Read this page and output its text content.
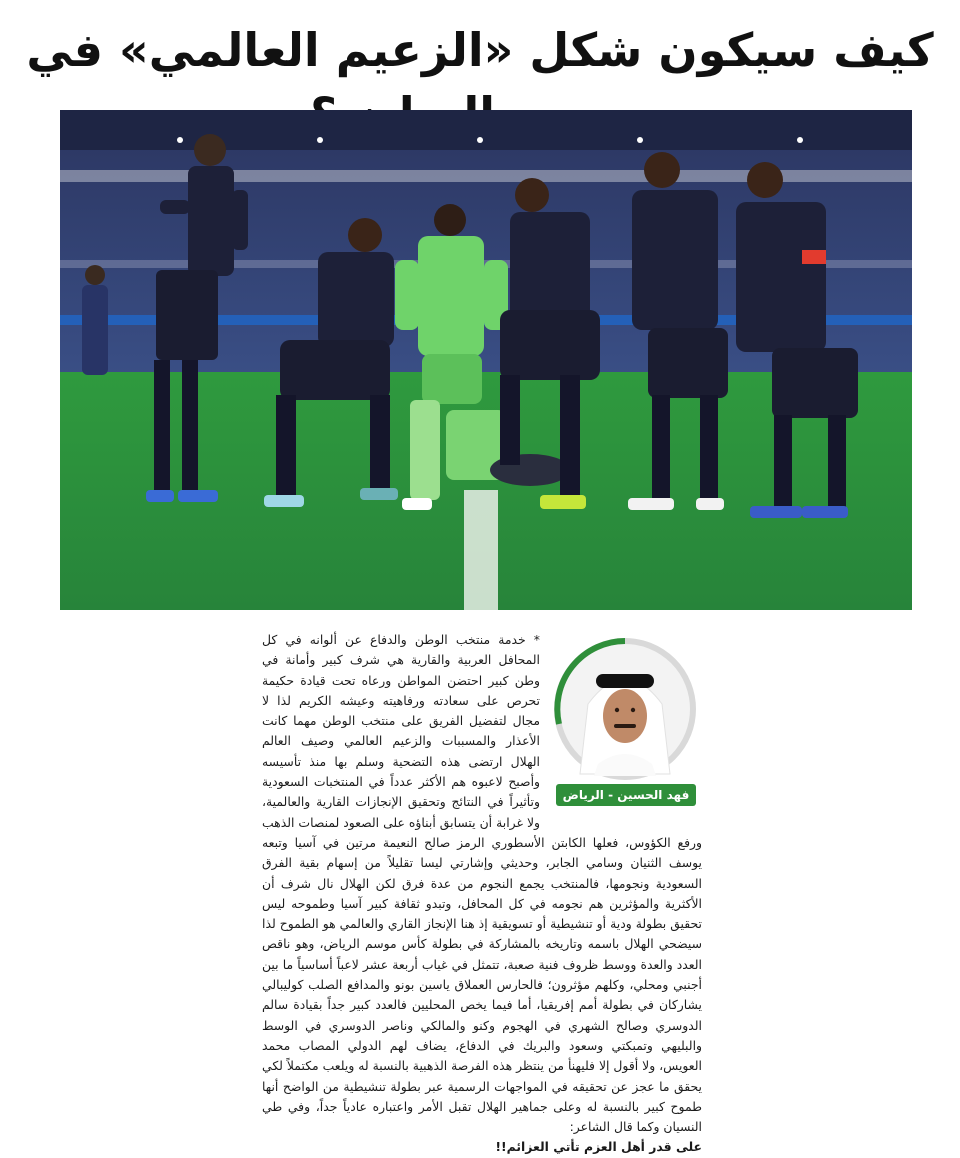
كيف سيكون شكل «الزعيم العالمي» في
فهد الحسين - الرياض

* خدمة منتخب الوطن والدفاع عن ألوانه في كل المحافل العربية والقارية هي شرف كبير وأمانة في وطن كبير احتضن المواطن ورعاه تحت قيادة حكيمة تحرص على سعادته ورفاهيته وعيشه الكريم لذا لا مجال لتفضيل الفريق على منتخب الوطن مهما كانت الأعذار والمسببات والزعيم العالمي وصيف العالم الهلال ارتضى هذه التضحية وسلم بها منذ تأسيسه وأصبح لاعبوه هم الأكثر عدداً في المنتخبات السعودية وتأثيراً في النتائج وتحقيق الإنجازات القارية والعالمية، ولا غرابة أن يتسابق أبناؤه على الصعود لمنصات الذهب ورفع الكؤوس، فعلها الكابتن الأسطوري الرمز صالح النعيمة مرتين في آسيا وتبعه يوسف الثنيان وسامي الجابر، وحديثي وإشارتي ليسا تقليلاً من إسهام بقية الفرق السعودية ونجومها، فالمنتخب يجمع النجوم من عدة فرق لكن الهلال نال شرف أن الأكثرية والمؤثرين هم نجومه في كل المحافل، وتبدو ثقافة كبير آسيا وطموحه ليس تحقيق بطولة ودية أو تنشيطية أو تسويقية إذ هنا الإنجاز القاري والعالمي هو الطموح لذا سيضحي الهلال باسمه وتاريخه بالمشاركة في بطولة كأس موسم الرياض، وهو ناقص العدد والعدة ووسط ظروف فنية صعبة، تتمثل في غياب أربعة عشر لاعباً أساسياً ما بين أجنبي ومحلي، وكلهم مؤثرون؛ فالحارس العملاق ياسين بونو والمدافع الصلب كوليبالي يشاركان في بطولة أمم إفريقيا، أما فيما يخص المحليين فالعدد كبير جداً بقيادة سالم الدوسري وصالح الشهري في الهجوم وكنو والمالكي وناصر الدوسري في الوسط والبليهي وتمبكتي وسعود والبريك في الدفاع، يضاف لهم الدولي المصاب محمد العويس، ولا أقول إلا فليهنأ من ينتظر هذه الفرصة الذهبية بالنسبة له ويلعب مكتملاً لكي يحقق ما عجز عن تحقيقه في المواجهات الرسمية عبر بطولة تنشيطية من الواضح أنها طموح كبير بالنسبة له وعلى جماهير الهلال تقبل الأمر واعتباره عادياً جداً، وفي طي النسيان وكما قال الشاعر:

على قدر أهل العزم تأتي العزائم!!
